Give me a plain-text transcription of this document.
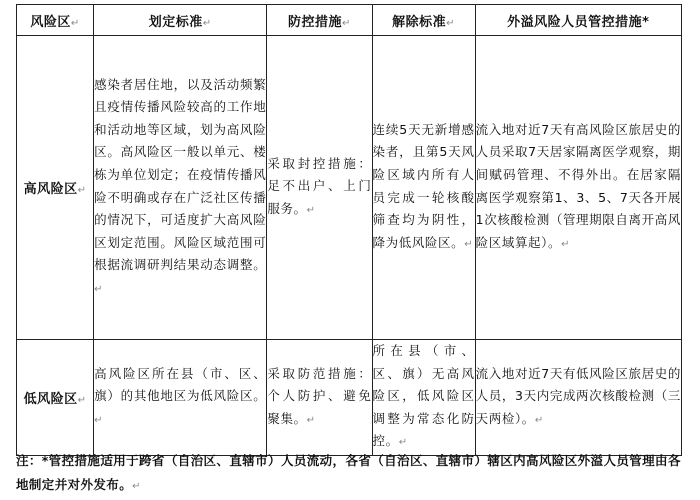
风险区↵	划定标准↵	防控措施↵	解除标准↵	外溢风险人员管控措施*
高风险区↵	感染者居住地，以及活动频繁且疫情传播风险较高的工作地和活动地等区域，划为高风险区。高风险区一般以单元、楼栋为单位划定；在疫情传播风险不明确或存在广泛社区传播的情况下，可适度扩大高风险区划定范围。风险区域范围可根据流调研判结果动态调整。↵	采取封控措施：足不出户、上门服务。↵	连续5天无新增感染者，且第5天风险区域内所有人员完成一轮核酸筛查均为阴性，降为低风险区。↵	流入地对近7天有高风险区旅居史的人员采取7天居家隔离医学观察，期间赋码管理、不得外出。在居家隔离医学观察第1、3、5、7天各开展1次核酸检测（管理期限自离开高风险区域算起）。↵

低风险区↵	高风险区所在县（市、区、旗）的其他地区为低风险区。↵	采取防范措施：个人防护、避免聚集。↵	所在县（市、区、旗）无高风险区，低风险区调整为常态化防控。↵	流入地对近7天有低风险区旅居史的人员，3天内完成两次核酸检测（三天两检）。↵
注：*管控措施适用于跨省（自治区、直辖市）人员流动，各省（自治区、直辖市）辖区内高风险区外溢人员管理由各地制定并对外发布。↵
